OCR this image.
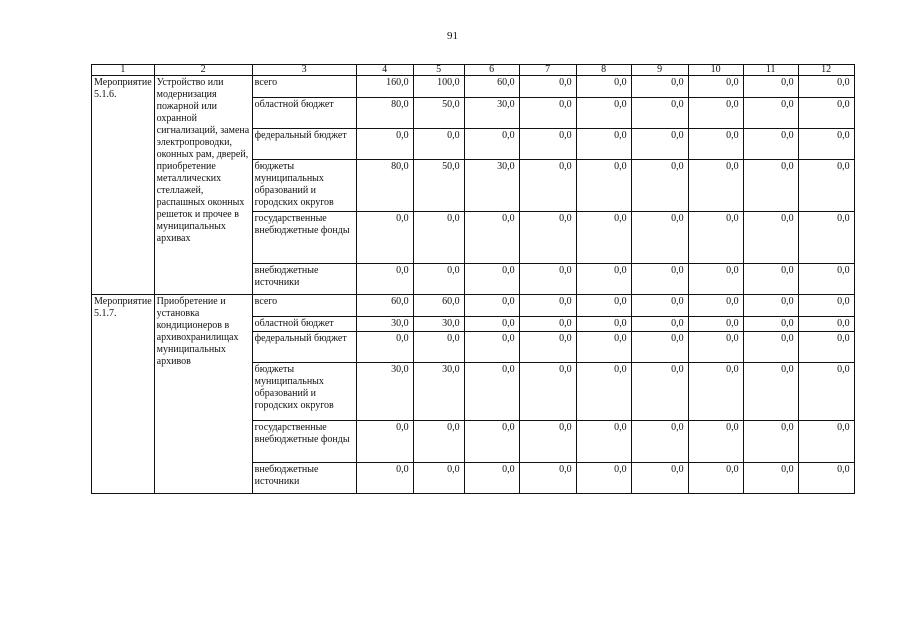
91
1	2	3	4	5	6	7	8	9	10	11	12
Мероприятие 5.1.6.	Устройство или модернизация пожарной или охранной сигнализаций, замена электропроводки, оконных рам, дверей, приобретение металлических стеллажей, распашных оконных решеток и прочее в муниципальных архивах	всего	160,0	100,0	60,0	0,0	0,0	0,0	0,0	0,0	0,0
		областной бюджет	80,0	50,0	30,0	0,0	0,0	0,0	0,0	0,0	0,0
		федеральный бюджет	0,0	0,0	0,0	0,0	0,0	0,0	0,0	0,0	0,0
		бюджеты муниципальных образований и городских округов	80,0	50,0	30,0	0,0	0,0	0,0	0,0	0,0	0,0
		государственные внебюджетные фонды	0,0	0,0	0,0	0,0	0,0	0,0	0,0	0,0	0,0
		внебюджетные источники	0,0	0,0	0,0	0,0	0,0	0,0	0,0	0,0	0,0
Мероприятие 5.1.7.	Приобретение и установка кондиционеров в архивохранилищах муниципальных архивов	всего	60,0	60,0	0,0	0,0	0,0	0,0	0,0	0,0	0,0
		областной бюджет	30,0	30,0	0,0	0,0	0,0	0,0	0,0	0,0	0,0
		федеральный бюджет	0,0	0,0	0,0	0,0	0,0	0,0	0,0	0,0	0,0
		бюджеты муниципальных образований и городских округов	30,0	30,0	0,0	0,0	0,0	0,0	0,0	0,0	0,0
		государственные внебюджетные фонды	0,0	0,0	0,0	0,0	0,0	0,0	0,0	0,0	0,0
		внебюджетные источники	0,0	0,0	0,0	0,0	0,0	0,0	0,0	0,0	0,0
